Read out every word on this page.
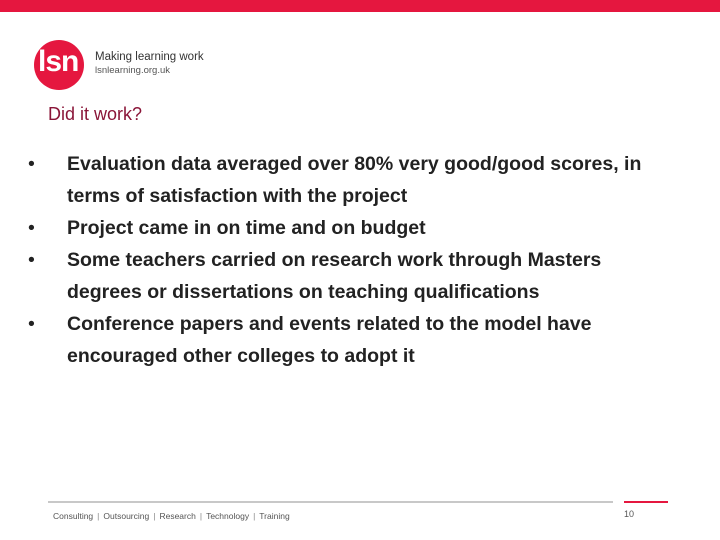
lsn Making learning work
lsnlearning.org.uk
Did it work?
• Evaluation data averaged over 80% very good/good scores, in terms of satisfaction with the project
• Project came in on time and on budget
• Some teachers carried on research work through Masters degrees or dissertations on teaching qualifications
• Conference papers and events related to the model have encouraged other colleges to adopt it
Consulting | Outsourcing | Research | Technology | Training	10
